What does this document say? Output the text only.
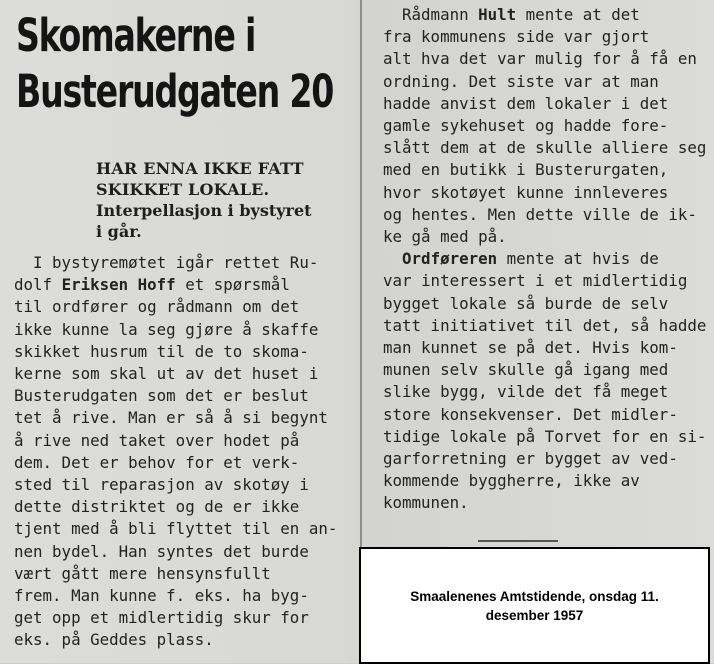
Skomakerne i
Busterudgaten 20
HAR ENNA IKKE FATT
SKIKKET LOKALE.
Interpellasjon i bystyret
i går.
I bystyremøtet igår rettet Ru-
dolf Eriksen Hoff et spørsmål
til ordfører og rådmann om det
ikke kunne la seg gjøre å skaffe
skikket husrum til de to skoma-
kerne som skal ut av det huset i
Busterudgaten som det er beslut
tet å rive. Man er så å si begynt
å rive ned taket over hodet på
dem. Det er behov for et verk-
sted til reparasjon av skotøy i
dette distriktet og de er ikke
tjent med å bli flyttet til en an-
nen bydel. Han syntes det burde
vært gått mere hensynsfullt
frem. Man kunne f. eks. ha byg-
get opp et midlertidig skur for
eks. på Geddes plass.
Rådmann Hult mente at det
fra kommunens side var gjort
alt hva det var mulig for å få en
ordning. Det siste var at man
hadde anvist dem lokaler i det
gamle sykehuset og hadde fore-
slått dem at de skulle alliere seg
med en butikk i Busterurgaten,
hvor skotøyet kunne innleveres
og hentes. Men dette ville de ik-
ke gå med på.
Ordføreren mente at hvis de
var interessert i et midlertidig
bygget lokale så burde de selv
tatt initiativet til det, så hadde
man kunnet se på det. Hvis kom-
munen selv skulle gå igang med
slike bygg, vilde det få meget
store konsekvenser. Det midler-
tidige lokale på Torvet for en si-
garforretning er bygget av ved-
kommende byggherre, ikke av
kommunen.
Smaalenenes Amtstidende, onsdag 11.
desember 1957
